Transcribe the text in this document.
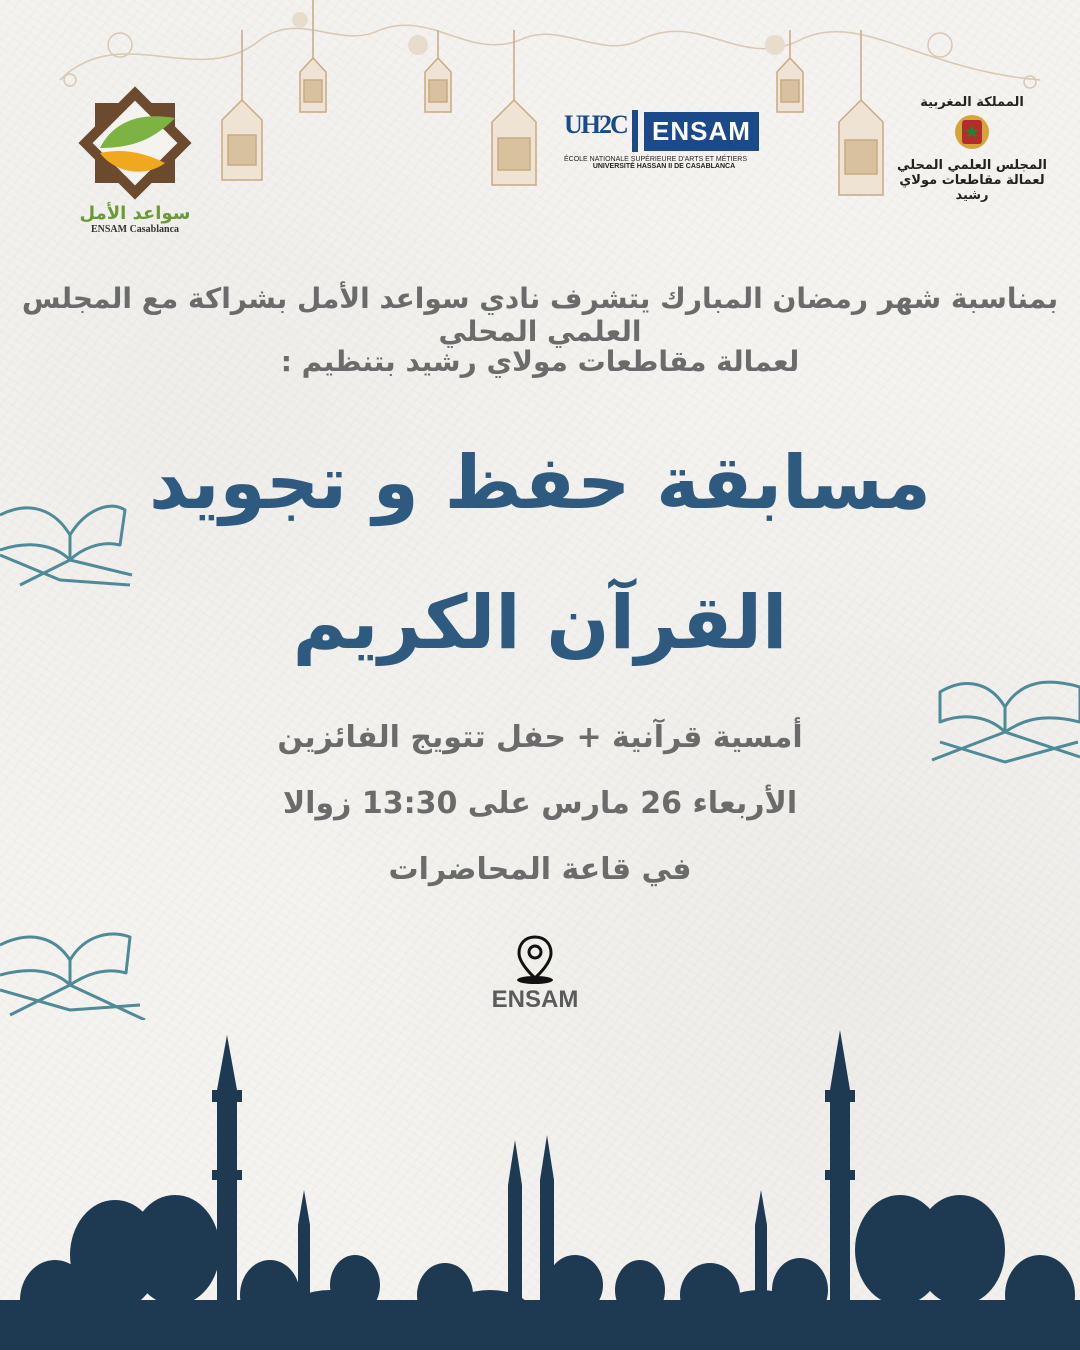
سواعد الأمل
ENSAM Casablanca
UH2C ENSAM
ÉCOLE NATIONALE SUPÉRIEURE D'ARTS ET MÉTIERS
UNIVERSITÉ HASSAN II DE CASABLANCA
المملكة المغربية
المجلس العلمي المحلي
لعمالة مقاطعات مولاي
رشيد
بمناسبة شهر رمضان المبارك يتشرف نادي سواعد الأمل بشراكة مع المجلس العلمي المحلي
لعمالة مقاطعات مولاي رشيد بتنظيم :
مسابقة حفظ و تجويد
القرآن الكريم
أمسية قرآنية + حفل تتويج الفائزين
الأربعاء 26 مارس على 13:30 زوالا
في قاعة المحاضرات
ENSAM
